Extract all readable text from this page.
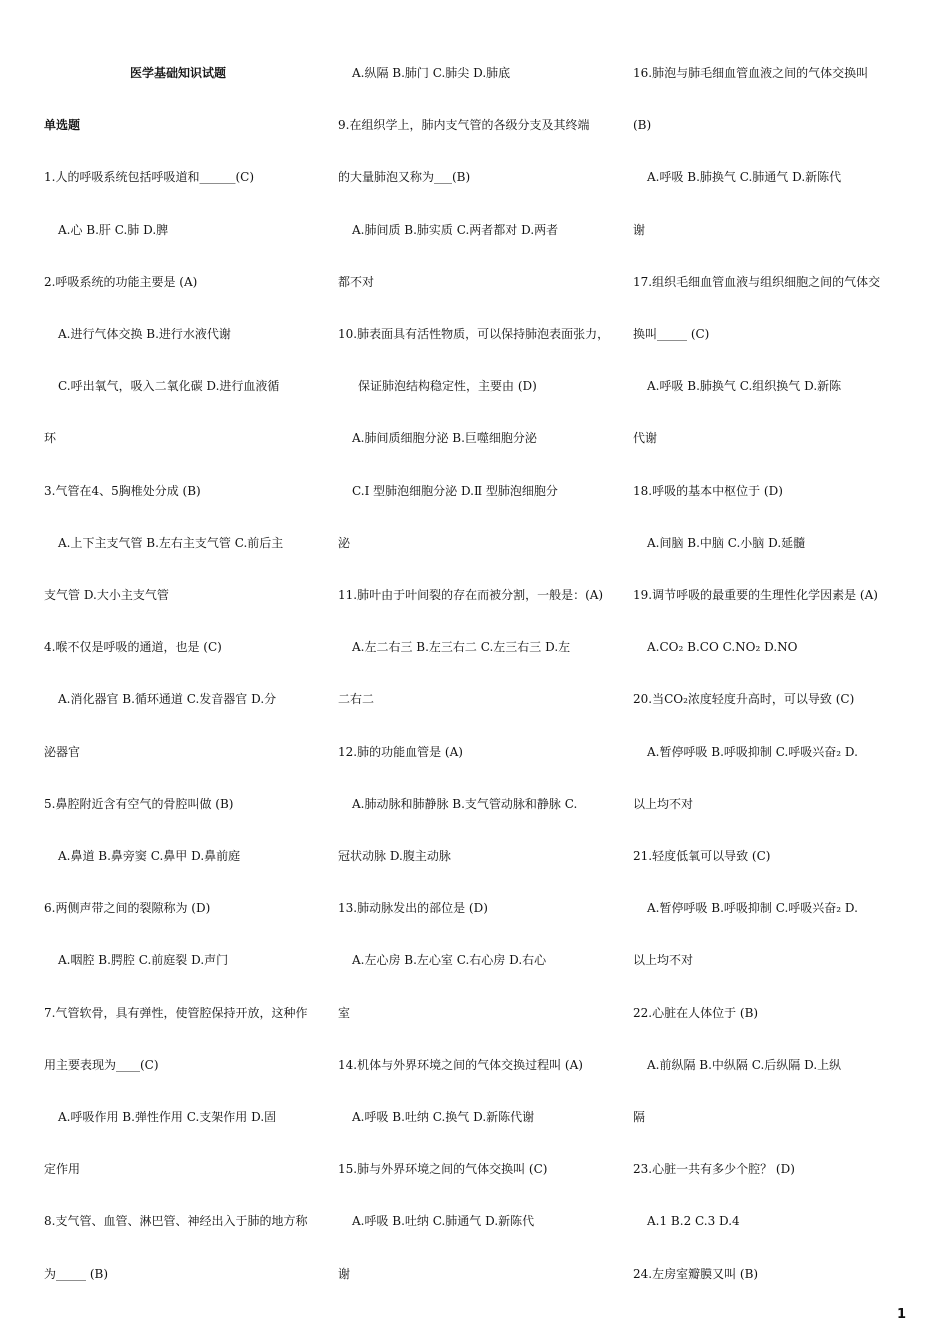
医学基础知识试题
单选题
1.人的呼吸系统包括呼吸道和______(C)
A.心 B.肝 C.肺 D.脾
2.呼吸系统的功能主要是 (A)
A.进行气体交换 B.进行水液代谢
C.呼出氧气，吸入二氧化碳 D.进行血液循
环
3.气管在4、5胸椎处分成 (B)
A.上下主支气管 B.左右主支气管 C.前后主
支气管 D.大小主支气管
4.喉不仅是呼吸的通道，也是 (C)
A.消化器官 B.循环通道 C.发音器官 D.分
泌器官
5.鼻腔附近含有空气的骨腔叫做 (B)
A.鼻道 B.鼻旁窦 C.鼻甲 D.鼻前庭
6.两侧声带之间的裂隙称为 (D)
A.咽腔 B.腭腔 C.前庭裂 D.声门
7.气管软骨，具有弹性，使管腔保持开放，这种作
用主要表现为____(C)
A.呼吸作用 B.弹性作用 C.支架作用 D.固
定作用
8.支气管、血管、淋巴管、神经出入于肺的地方称
为_____ (B)
A.纵隔 B.肺门 C.肺尖 D.肺底
9.在组织学上，肺内支气管的各级分支及其终端
的大量肺泡又称为___(B)
A.肺间质 B.肺实质 C.两者都对 D.两者
都不对
10.肺表面具有活性物质，可以保持肺泡表面张力，
保证肺泡结构稳定性，主要由 (D)
A.肺间质细胞分泌 B.巨噬细胞分泌
C.Ⅰ 型肺泡细胞分泌 D.Ⅱ 型肺泡细胞分
泌
11.肺叶由于叶间裂的存在而被分割，一般是：(A)
A.左二右三 B.左三右二 C.左三右三 D.左
二右二
12.肺的功能血管是 (A)
A.肺动脉和肺静脉 B.支气管动脉和静脉 C.
冠状动脉 D.腹主动脉
13.肺动脉发出的部位是 (D)
A.左心房 B.左心室 C.右心房 D.右心
室
14.机体与外界环境之间的气体交换过程叫 (A)
A.呼吸 B.吐纳 C.换气 D.新陈代谢
15.肺与外界环境之间的气体交换叫 (C)
A.呼吸 B.吐纳 C.肺通气 D.新陈代
谢
16.肺泡与肺毛细血管血液之间的气体交换叫
(B)
A.呼吸 B.肺换气 C.肺通气 D.新陈代
谢
17.组织毛细血管血液与组织细胞之间的气体交
换叫_____ (C)
A.呼吸 B.肺换气 C.组织换气 D.新陈
代谢
18.呼吸的基本中枢位于 (D)
A.间脑 B.中脑 C.小脑 D.延髓
19.调节呼吸的最重要的生理性化学因素是 (A)
A.CO₂ B.CO C.NO₂ D.NO
20.当CO₂浓度轻度升高时，可以导致 (C)
A.暂停呼吸 B.呼吸抑制 C.呼吸兴奋₂ D.
以上均不对
21.轻度低氧可以导致 (C)
A.暂停呼吸 B.呼吸抑制 C.呼吸兴奋₂ D.
以上均不对
22.心脏在人体位于 (B)
A.前纵隔 B.中纵隔 C.后纵隔 D.上纵
隔
23.心脏一共有多少个腔？ (D)
A.1 B.2 C.3 D.4
24.左房室瓣膜又叫 (B)
1
